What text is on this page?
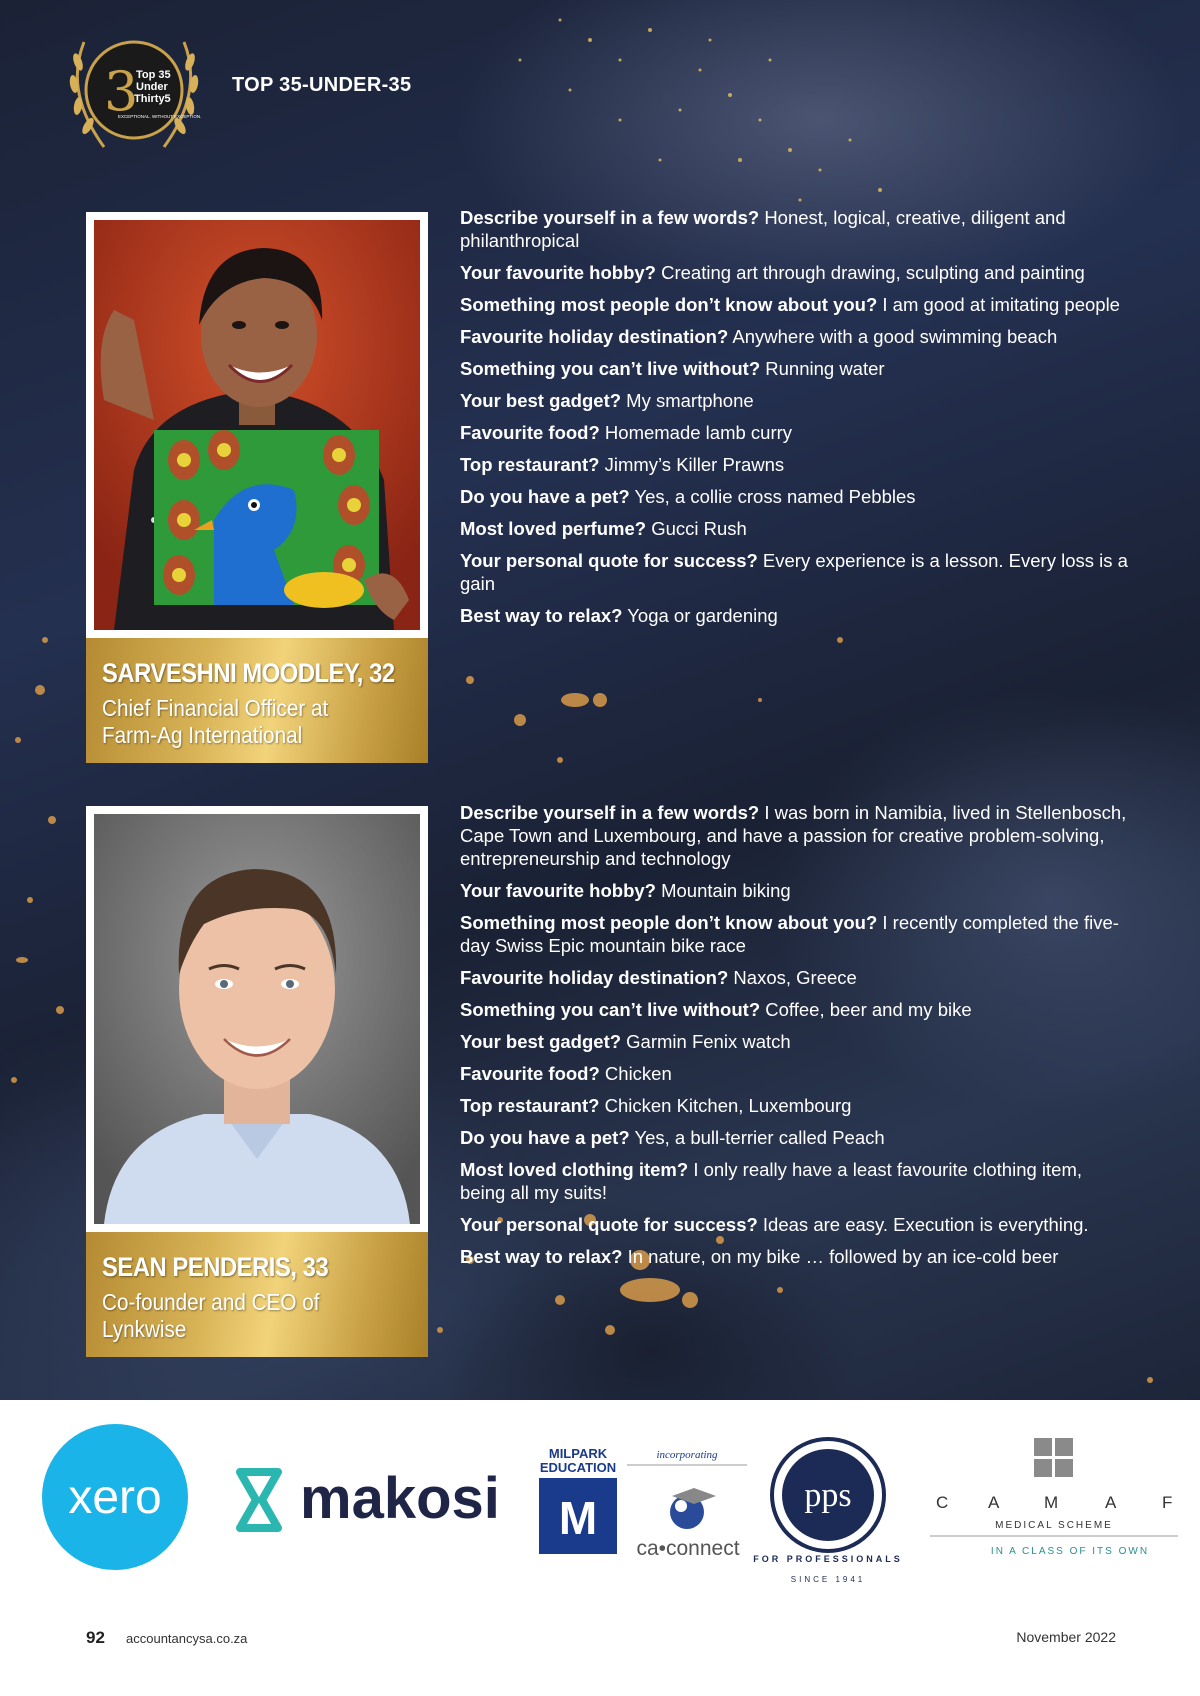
3
Top 35
Under
Thirty5
EXCEPTIONAL. WITHOUT EXCEPTION.
TOP 35-UNDER-35
SARVESHNI MOODLEY, 32
Chief Financial Officer at Farm-Ag International

Describe yourself in a few words? Honest, logical, creative, diligent and philanthropical

Your favourite hobby? Creating art through drawing, sculpting and painting

Something most people don’t know about you? I am good at imitating people

Favourite holiday destination? Anywhere with a good swimming beach

Something you can’t live without? Running water

Your best gadget? My smartphone

Favourite food? Homemade lamb curry

Top restaurant? Jimmy’s Killer Prawns

Do you have a pet? Yes, a collie cross named Pebbles

Most loved perfume? Gucci Rush

Your personal quote for success? Every experience is a lesson. Every loss is a gain

Best way to relax? Yoga or gardening

SEAN PENDERIS, 33
Co-founder and CEO of Lynkwise

Describe yourself in a few words? I was born in Namibia, lived in Stellenbosch, Cape Town and Luxembourg, and have a passion for creative problem-solving, entrepreneurship and technology

Your favourite hobby? Mountain biking

Something most people don’t know about you? I recently completed the five-day Swiss Epic mountain bike race

Favourite holiday destination? Naxos, Greece

Something you can’t live without? Coffee, beer and my bike

Your best gadget? Garmin Fenix watch

Favourite food? Chicken

Top restaurant? Chicken Kitchen, Luxembourg

Do you have a pet? Yes, a bull-terrier called Peach

Most loved clothing item? I only really have a least favourite clothing item, being all my suits!

Your personal quote for success? Ideas are easy. Execution is everything.

Best way to relax? In nature, on my bike … followed by an ice-cold beer

xero makosi
MILPARK
EDUCATION
M
incorporating
ca•connect
pps
FOR PROFESSIONALS
SINCE 1941
C A	M	A	F
MEDICAL SCHEME
IN A CLASS OF ITS OWN
92 accountancysa.co.za	November 2022
